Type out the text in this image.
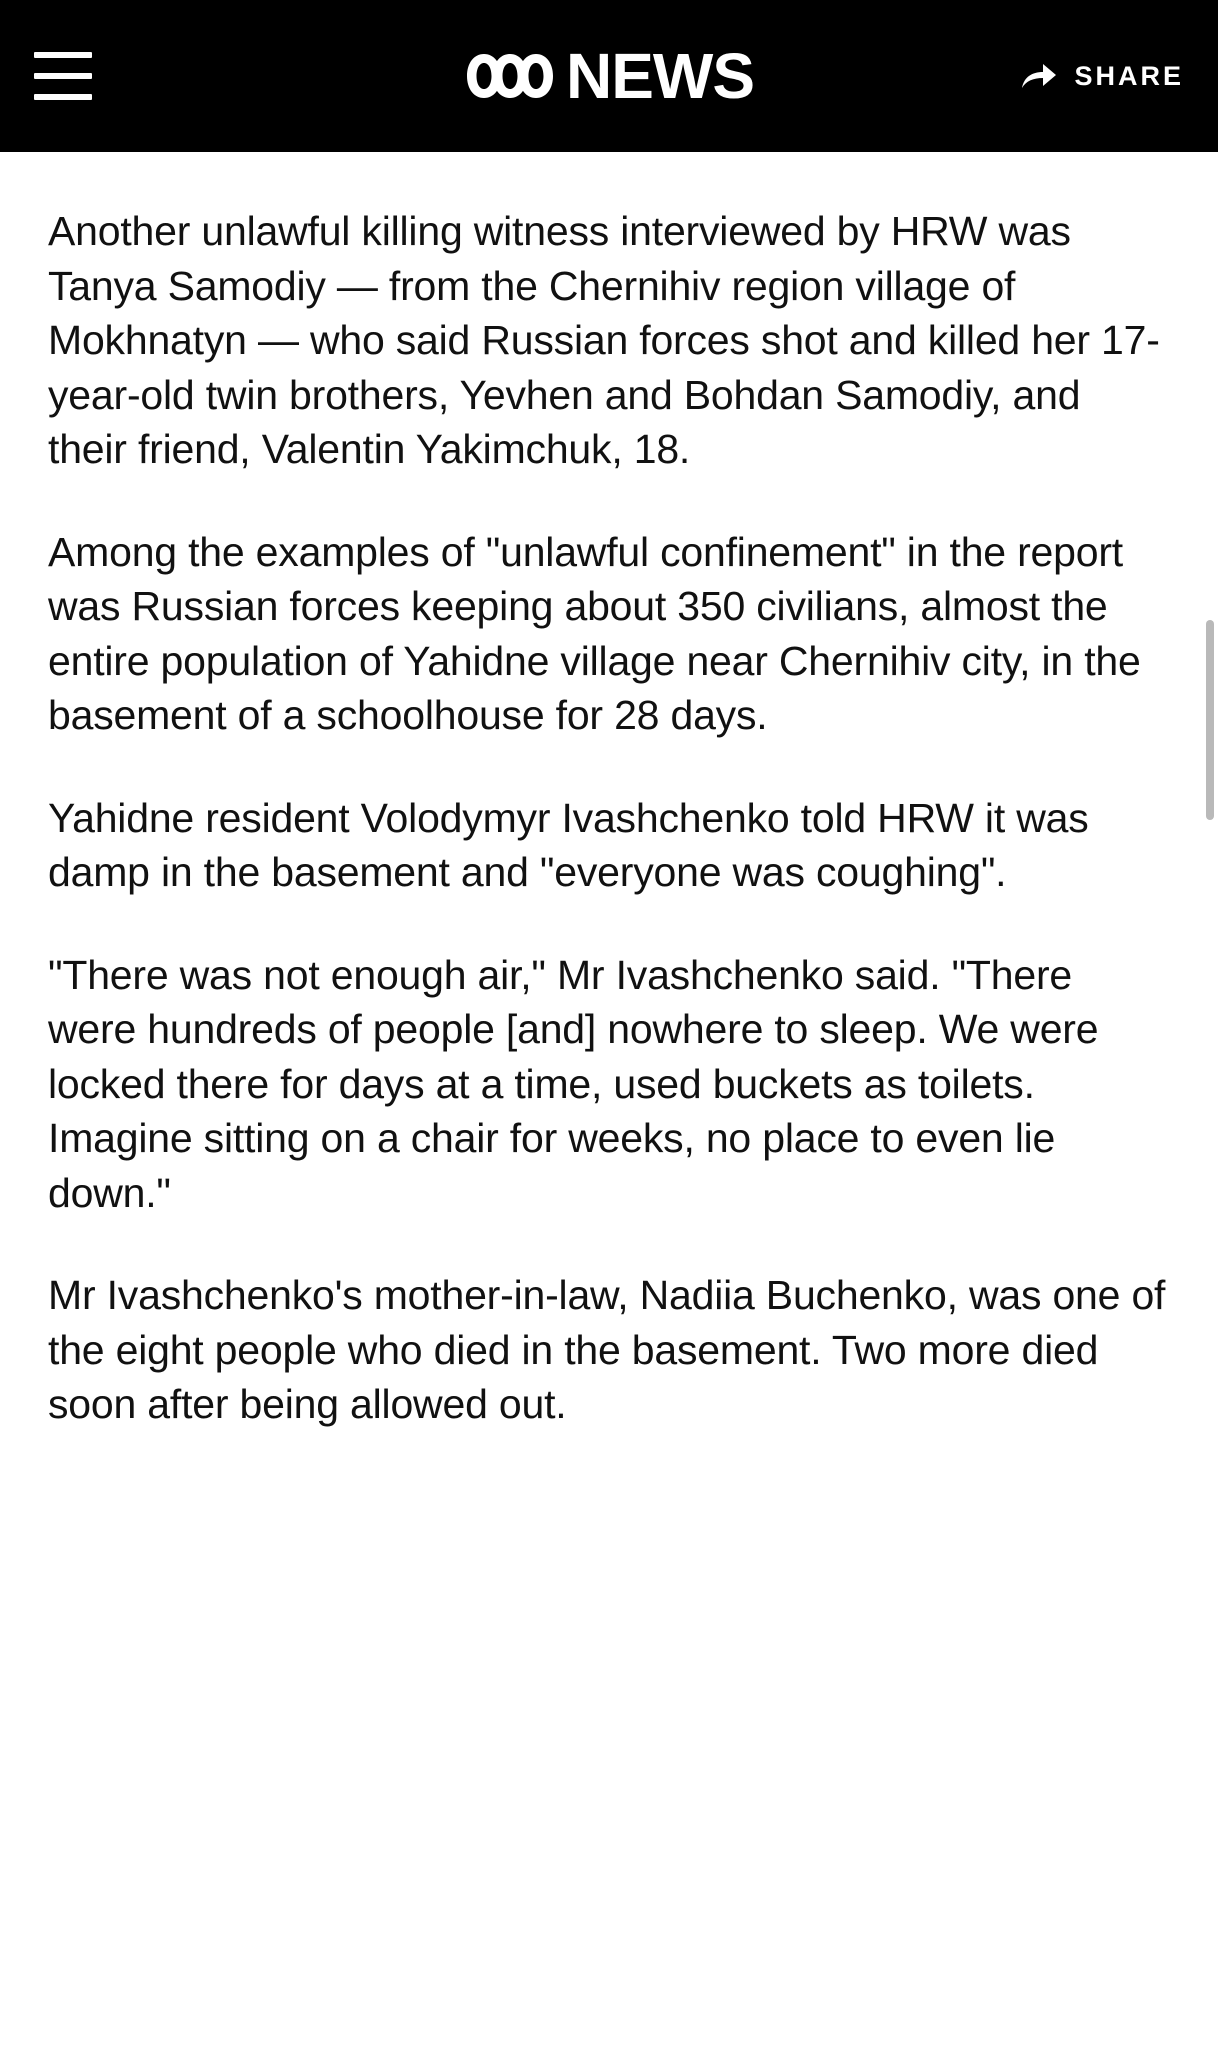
NEWS	SHARE

Another unlawful killing witness interviewed by HRW was Tanya Samodiy — from the Chernihiv region village of Mokhnatyn — who said Russian forces shot and killed her 17-year-old twin brothers, Yevhen and Bohdan Samodiy, and their friend, Valentin Yakimchuk, 18.

Among the examples of "unlawful confinement" in the report was Russian forces keeping about 350 civilians, almost the entire population of Yahidne village near Chernihiv city, in the basement of a schoolhouse for 28 days.

Yahidne resident Volodymyr Ivashchenko told HRW it was damp in the basement and "everyone was coughing".

"There was not enough air," Mr Ivashchenko said. "There were hundreds of people [and] nowhere to sleep. We were locked there for days at a time, used buckets as toilets. Imagine sitting on a chair for weeks, no place to even lie down."

Mr Ivashchenko's mother-in-law, Nadiia Buchenko, was one of the eight people who died in the basement. Two more died soon after being allowed out.
